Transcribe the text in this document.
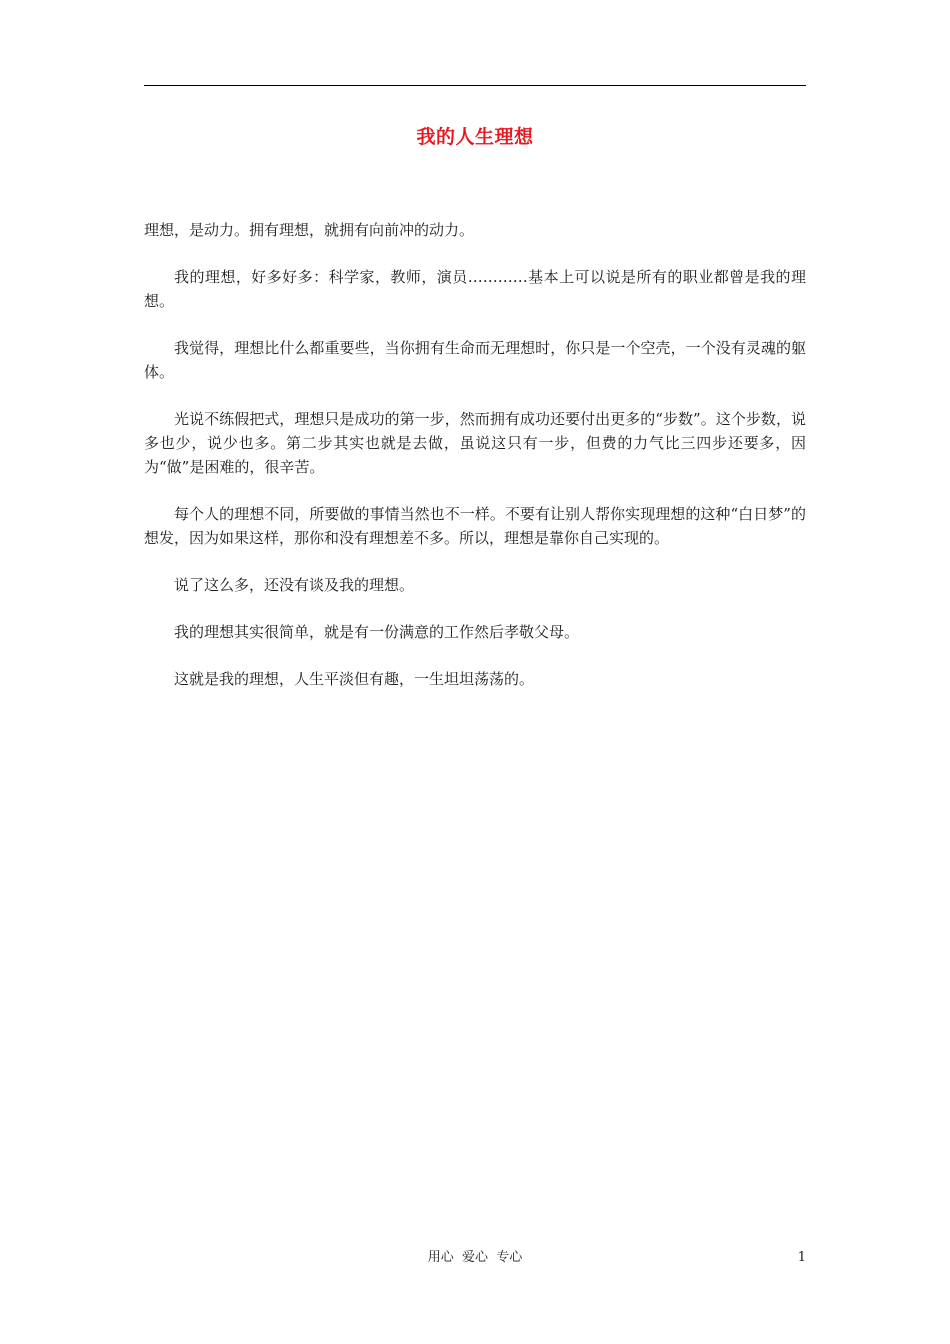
我的人生理想

理想，是动力。拥有理想，就拥有向前冲的动力。

我的理想，好多好多：科学家，教师，演员…………基本上可以说是所有的职业都曾是我的理想。

我觉得，理想比什么都重要些，当你拥有生命而无理想时，你只是一个空壳，一个没有灵魂的躯体。

光说不练假把式，理想只是成功的第一步，然而拥有成功还要付出更多的“步数”。这个步数，说多也少，说少也多。第二步其实也就是去做，虽说这只有一步，但费的力气比三四步还要多，因为“做”是困难的，很辛苦。

每个人的理想不同，所要做的事情当然也不一样。不要有让别人帮你实现理想的这种“白日梦”的想发，因为如果这样，那你和没有理想差不多。所以，理想是靠你自己实现的。

说了这么多，还没有谈及我的理想。

我的理想其实很简单，就是有一份满意的工作然后孝敬父母。

这就是我的理想，人生平淡但有趣，一生坦坦荡荡的。

用心  爱心  专心	1
